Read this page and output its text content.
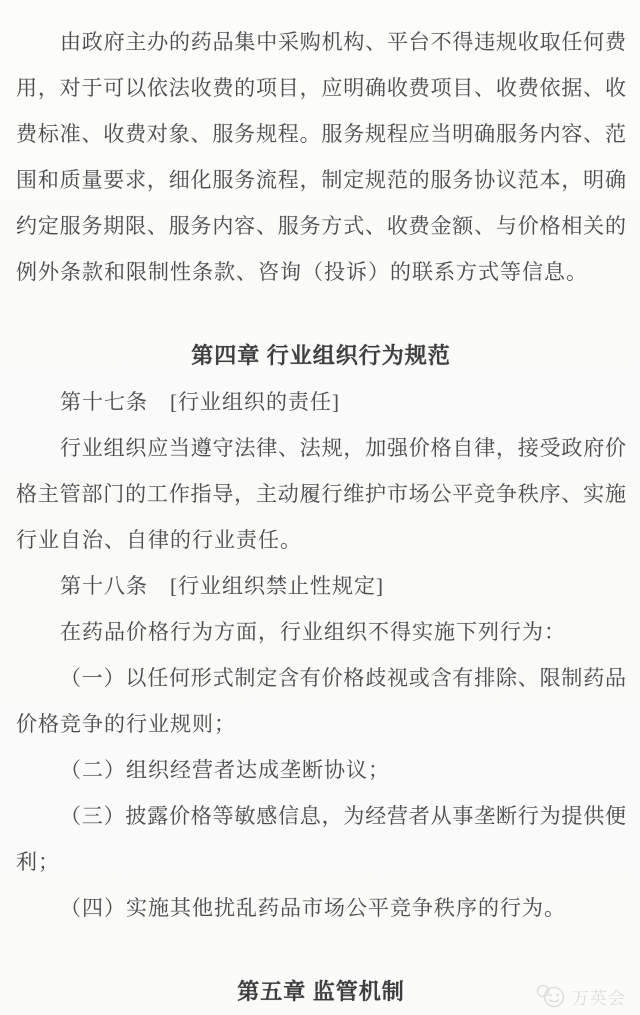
由政府主办的药品集中采购机构、平台不得违规收取任何费
用，对于可以依法收费的项目，应明确收费项目、收费依据、收
费标准、收费对象、服务规程。服务规程应当明确服务内容、范
围和质量要求，细化服务流程，制定规范的服务协议范本，明确
约定服务期限、服务内容、服务方式、收费金额、与价格相关的
例外条款和限制性条款、咨询（投诉）的联系方式等信息。
第四章 行业组织行为规范
第十七条　[行业组织的责任]
行业组织应当遵守法律、法规，加强价格自律，接受政府价
格主管部门的工作指导，主动履行维护市场公平竞争秩序、实施
行业自治、自律的行业责任。
第十八条　[行业组织禁止性规定]
在药品价格行为方面，行业组织不得实施下列行为：
（一）以任何形式制定含有价格歧视或含有排除、限制药品
价格竞争的行业规则；
（二）组织经营者达成垄断协议；
（三）披露价格等敏感信息，为经营者从事垄断行为提供便
利；
（四）实施其他扰乱药品市场公平竞争秩序的行为。
第五章 监管机制	万英会
